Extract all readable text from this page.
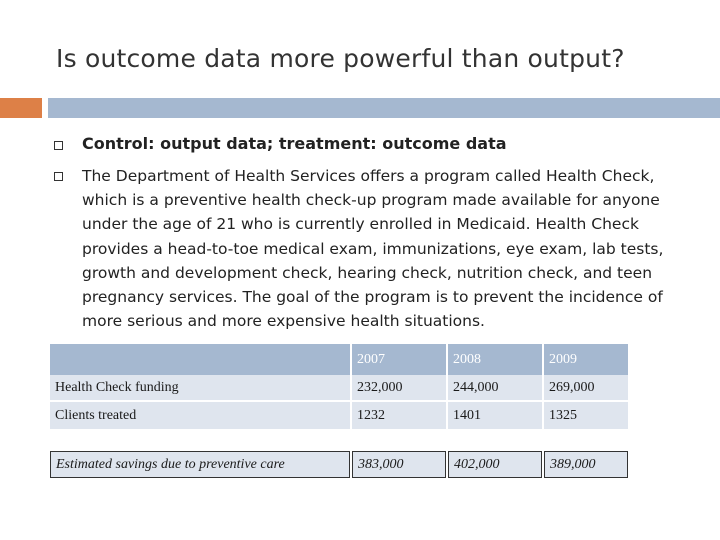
Is outcome data more powerful than output?
Control: output data; treatment: outcome data
The Department of Health Services offers a program called Health Check, which is a preventive health check-up program made available for anyone under the age of 21 who is currently enrolled in Medicaid. Health Check provides a head-to-toe medical exam, immunizations, eye exam, lab tests, growth and development check, hearing check, nutrition check, and teen pregnancy services. The goal of the program is to prevent the incidence of more serious and more expensive health situations.
	2007	2008	2009
Health Check funding	232,000	244,000	269,000
Clients treated	1232	1401	1325

Estimated savings due to preventive care	383,000	402,000	389,000
